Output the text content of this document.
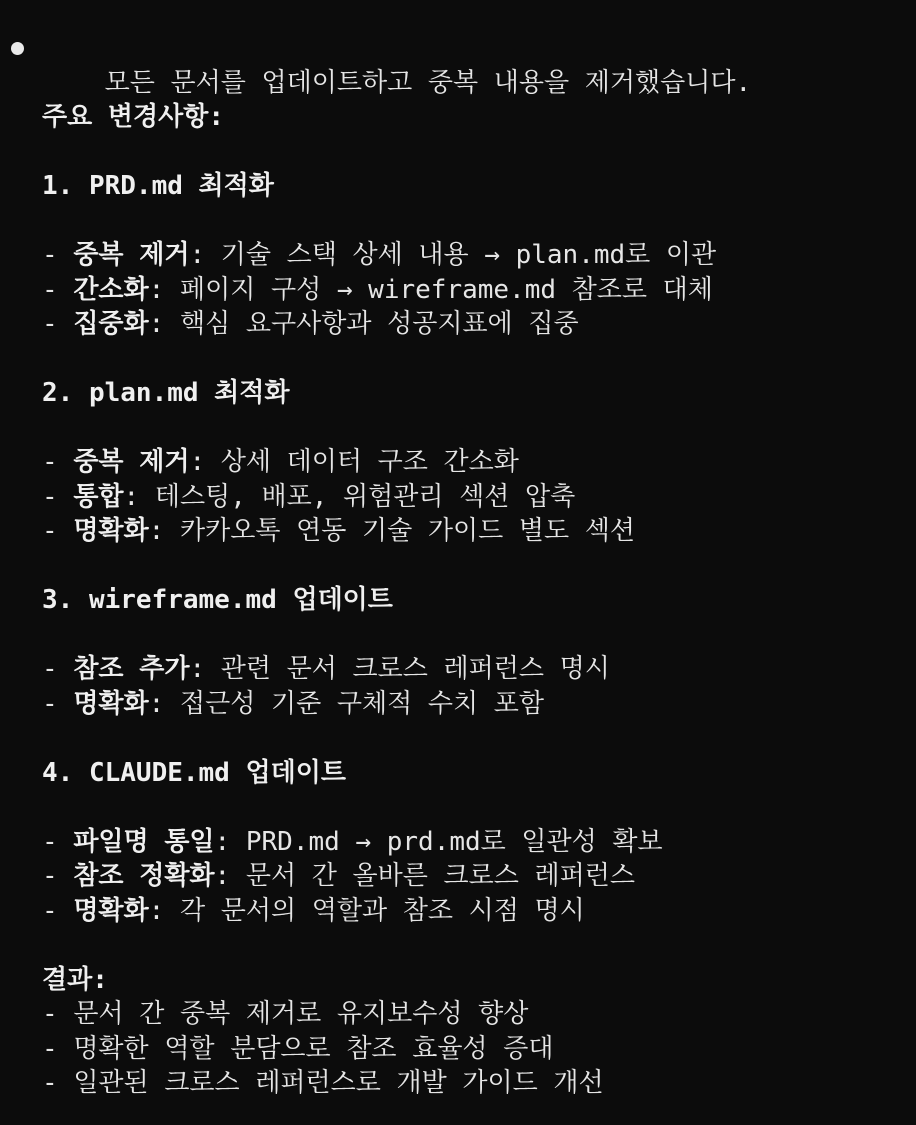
모든 문서를 업데이트하고 중복 내용을 제거했습니다.

주요 변경사항:
1. PRD.md 최적화
- 중복 제거: 기술 스택 상세 내용 → plan.md로 이관
- 간소화: 페이지 구성 → wireframe.md 참조로 대체
- 집중화: 핵심 요구사항과 성공지표에 집중
2. plan.md 최적화
- 중복 제거: 상세 데이터 구조 간소화
- 통합: 테스팅, 배포, 위험관리 섹션 압축
- 명확화: 카카오톡 연동 기술 가이드 별도 섹션
3. wireframe.md 업데이트
- 참조 추가: 관련 문서 크로스 레퍼런스 명시
- 명확화: 접근성 기준 구체적 수치 포함
4. CLAUDE.md 업데이트
- 파일명 통일: PRD.md → prd.md로 일관성 확보
- 참조 정확화: 문서 간 올바른 크로스 레퍼런스
- 명확화: 각 문서의 역할과 참조 시점 명시
결과:
- 문서 간 중복 제거로 유지보수성 향상
- 명확한 역할 분담으로 참조 효율성 증대
- 일관된 크로스 레퍼런스로 개발 가이드 개선
